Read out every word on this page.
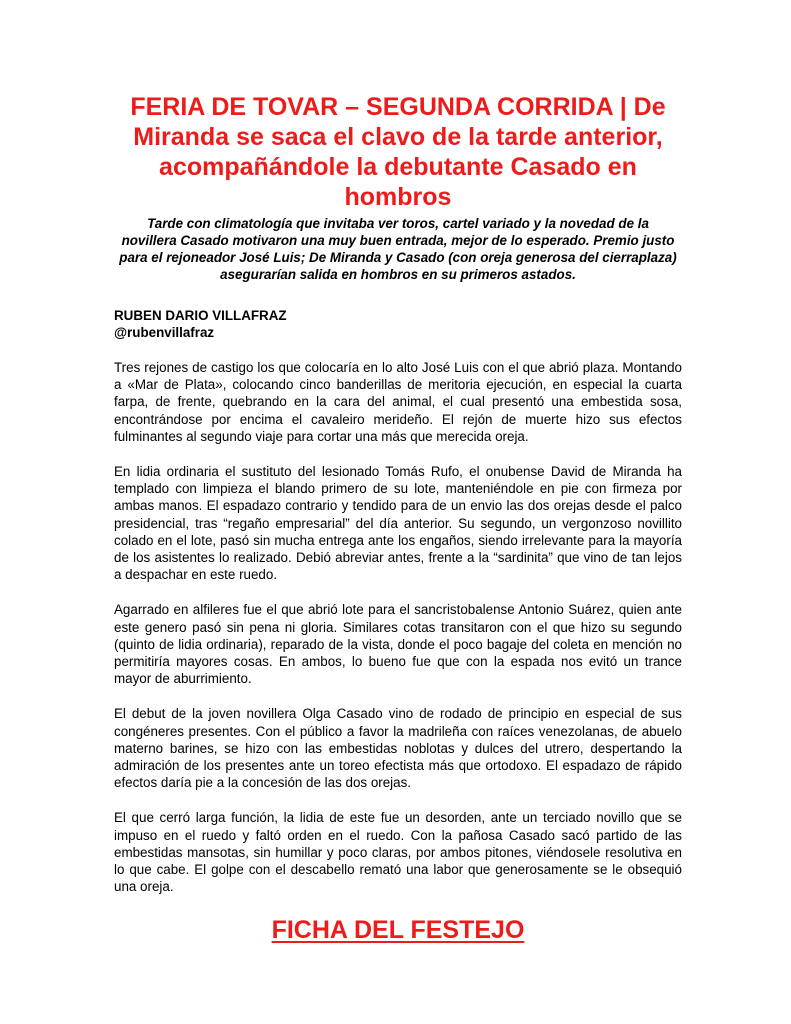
FERIA DE TOVAR – SEGUNDA CORRIDA | De Miranda se saca el clavo de la tarde anterior, acompañándole la debutante Casado en hombros

Tarde con climatología que invitaba ver toros, cartel variado y la novedad de la novillera Casado motivaron una muy buen entrada, mejor de lo esperado. Premio justo para el rejoneador José Luis; De Miranda y Casado (con oreja generosa del cierraplaza) asegurarían salida en hombros en su primeros astados.

RUBEN DARIO VILLAFRAZ
@rubenvillafraz

Tres rejones de castigo los que colocaría en lo alto José Luis con el que abrió plaza. Montando a «Mar de Plata», colocando cinco banderillas de meritoria ejecución, en especial la cuarta farpa, de frente, quebrando en la cara del animal, el cual presentó una embestida sosa, encontrándose por encima el cavaleiro merideño. El rejón de muerte hizo sus efectos fulminantes al segundo viaje para cortar una más que merecida oreja.

En lidia ordinaria el sustituto del lesionado Tomás Rufo, el onubense David de Miranda ha templado con limpieza el blando primero de su lote, manteniéndole en pie con firmeza por ambas manos. El espadazo contrario y tendido para de un envio las dos orejas desde el palco presidencial, tras “regaño empresarial” del día anterior. Su segundo, un vergonzoso novillito colado en el lote, pasó sin mucha entrega ante los engaños, siendo irrelevante para la mayoría de los asistentes lo realizado. Debió abreviar antes, frente a la “sardinita” que vino de tan lejos a despachar en este ruedo.

Agarrado en alfileres fue el que abrió lote para el sancristobalense Antonio Suárez, quien ante este genero pasó sin pena ni gloria. Similares cotas transitaron con el que hizo su segundo (quinto de lidia ordinaria), reparado de la vista, donde el poco bagaje del coleta en mención no permitiría mayores cosas. En ambos, lo bueno fue que con la espada nos evitó un trance mayor de aburrimiento.

El debut de la joven novillera Olga Casado vino de rodado de principio en especial de sus congéneres presentes. Con el público a favor la madrileña con raíces venezolanas, de abuelo materno barines, se hizo con las embestidas noblotas y dulces del utrero, despertando la admiración de los presentes ante un toreo efectista más que ortodoxo. El espadazo de rápido efectos daría pie a la concesión de las dos orejas.

El que cerró larga función, la lidia de este fue un desorden, ante un terciado novillo que se impuso en el ruedo y faltó orden en el ruedo. Con la pañosa Casado sacó partido de las embestidas mansotas, sin humillar y poco claras, por ambos pitones, viéndosele resolutiva en lo que cabe. El golpe con el descabello remató una labor que generosamente se le obsequió una oreja.

FICHA DEL FESTEJO
